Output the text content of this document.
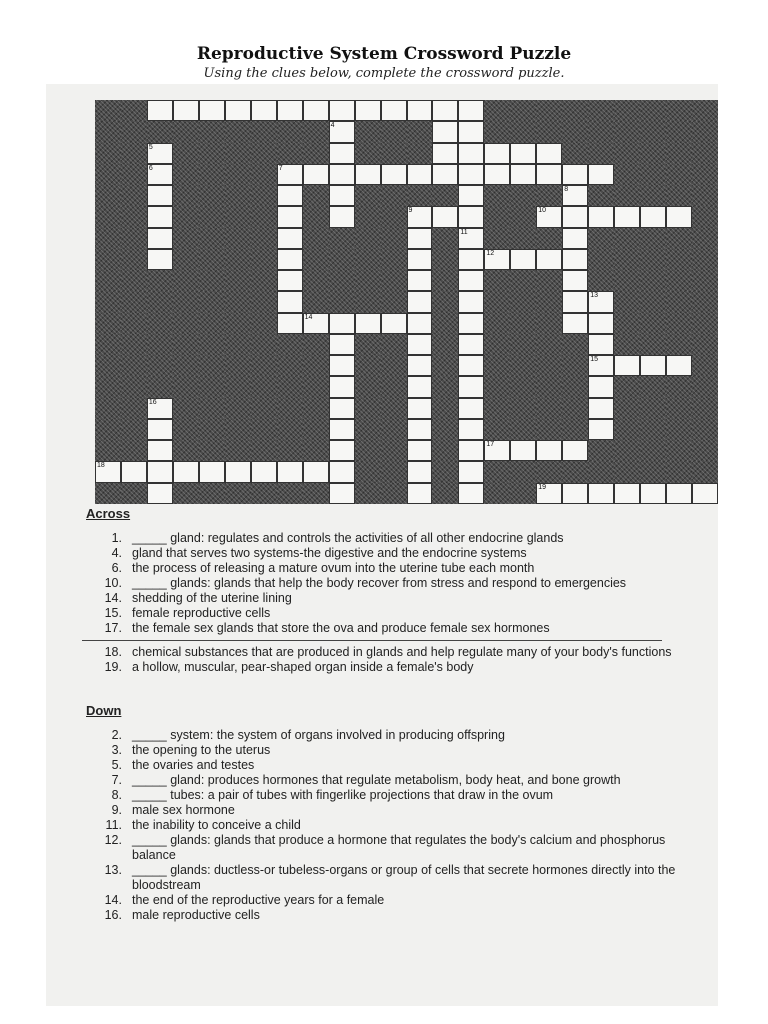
Reproductive System Crossword Puzzle
Using the clues below, complete the crossword puzzle.
4
5
6	7
8
9	10
11
12
13
14
15
16
17
18
19
Across
1. _____ gland: regulates and controls the activities of all other endocrine glands
4. gland that serves two systems-the digestive and the endocrine systems
6. the process of releasing a mature ovum into the uterine tube each month
10. _____ glands: glands that help the body recover from stress and respond to emergencies
14. shedding of the uterine lining
15. female reproductive cells
17. the female sex glands that store the ova and produce female sex hormones
18. chemical substances that are produced in glands and help regulate many of your body's functions
19. a hollow, muscular, pear-shaped organ inside a female's body
Down
2. _____ system: the system of organs involved in producing offspring
3. the opening to the uterus
5. the ovaries and testes
7. _____ gland: produces hormones that regulate metabolism, body heat, and bone growth
8. _____ tubes: a pair of tubes with fingerlike projections that draw in the ovum
9. male sex hormone
11. the inability to conceive a child
12. _____ glands: glands that produce a hormone that regulates the body's calcium and phosphorus balance
13. _____ glands: ductless-or tubeless-organs or group of cells that secrete hormones directly into the bloodstream
14. the end of the reproductive years for a female
16. male reproductive cells
